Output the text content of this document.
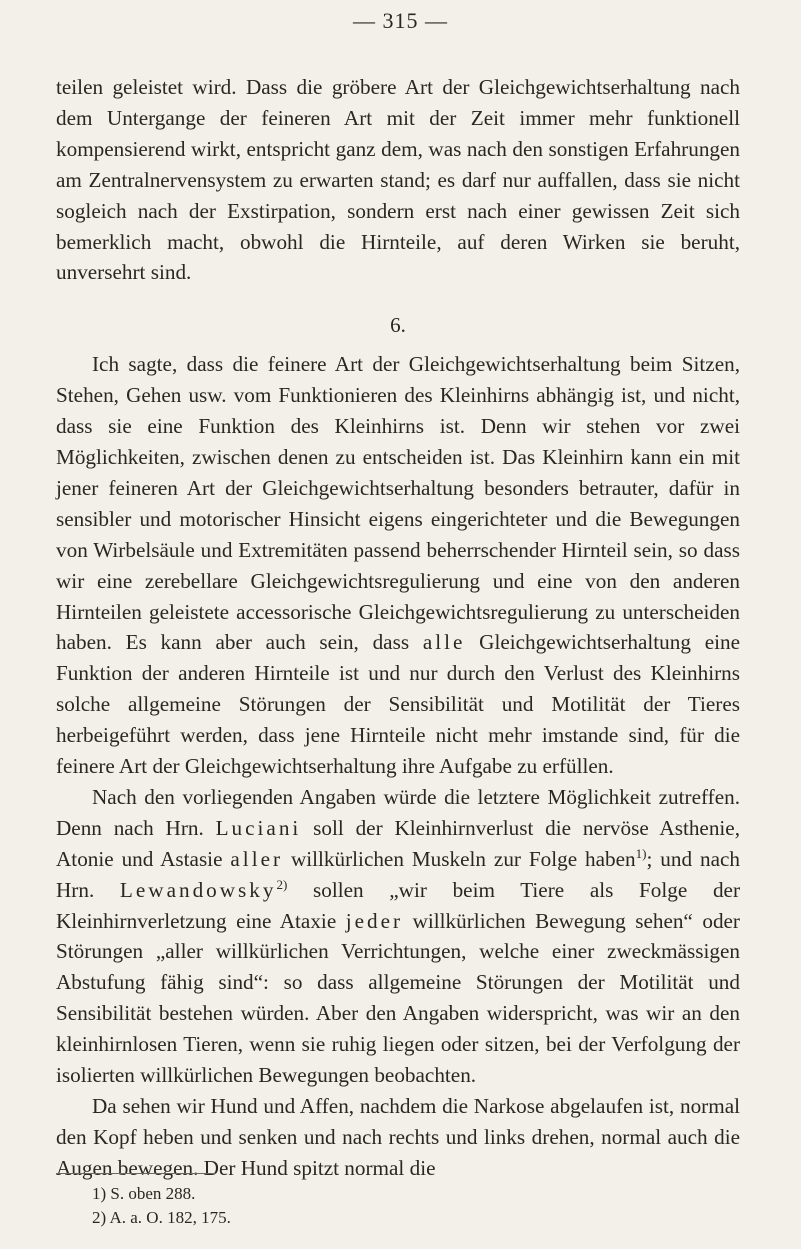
— 315 —

teilen geleistet wird. Dass die gröbere Art der Gleichgewichtserhaltung nach dem Untergange der feineren Art mit der Zeit immer mehr funktionell kompensierend wirkt, entspricht ganz dem, was nach den sonstigen Erfahrungen am Zentralnervensystem zu erwarten stand; es darf nur auffallen, dass sie nicht sogleich nach der Exstirpation, sondern erst nach einer gewissen Zeit sich bemerklich macht, obwohl die Hirnteile, auf deren Wirken sie beruht, unversehrt sind.

6.

Ich sagte, dass die feinere Art der Gleichgewichtserhaltung beim Sitzen, Stehen, Gehen usw. vom Funktionieren des Kleinhirns abhängig ist, und nicht, dass sie eine Funktion des Kleinhirns ist. Denn wir stehen vor zwei Möglichkeiten, zwischen denen zu entscheiden ist. Das Kleinhirn kann ein mit jener feineren Art der Gleichgewichtserhaltung besonders betrauter, dafür in sensibler und motorischer Hinsicht eigens eingerichteter und die Bewegungen von Wirbelsäule und Extremitäten passend beherrschender Hirnteil sein, so dass wir eine zerebellare Gleichgewichtsregulierung und eine von den anderen Hirnteilen geleistete accessorische Gleichgewichtsregulierung zu unterscheiden haben. Es kann aber auch sein, dass alle Gleichgewichtserhaltung eine Funktion der anderen Hirnteile ist und nur durch den Verlust des Kleinhirns solche allgemeine Störungen der Sensibilität und Motilität der Tieres herbeigeführt werden, dass jene Hirnteile nicht mehr imstande sind, für die feinere Art der Gleichgewichtserhaltung ihre Aufgabe zu erfüllen.

Nach den vorliegenden Angaben würde die letztere Möglichkeit zutreffen. Denn nach Hrn. Luciani soll der Kleinhirnverlust die nervöse Asthenie, Atonie und Astasie aller willkürlichen Muskeln zur Folge haben$^{1)}$; und nach Hrn. Lewandowsky$^{2)}$ sollen „wir beim Tiere als Folge der Kleinhirnverletzung eine Ataxie jeder willkürlichen Bewegung sehen“ oder Störungen „aller willkürlichen Verrichtungen, welche einer zweckmässigen Abstufung fähig sind“: so dass allgemeine Störungen der Motilität und Sensibilität bestehen würden. Aber den Angaben widerspricht, was wir an den kleinhirnlosen Tieren, wenn sie ruhig liegen oder sitzen, bei der Verfolgung der isolierten willkürlichen Bewegungen beobachten.

Da sehen wir Hund und Affen, nachdem die Narkose abgelaufen ist, normal den Kopf heben und senken und nach rechts und links drehen, normal auch die Augen bewegen. Der Hund spitzt normal die

1) S. oben 288.
2) A. a. O. 182, 175.
